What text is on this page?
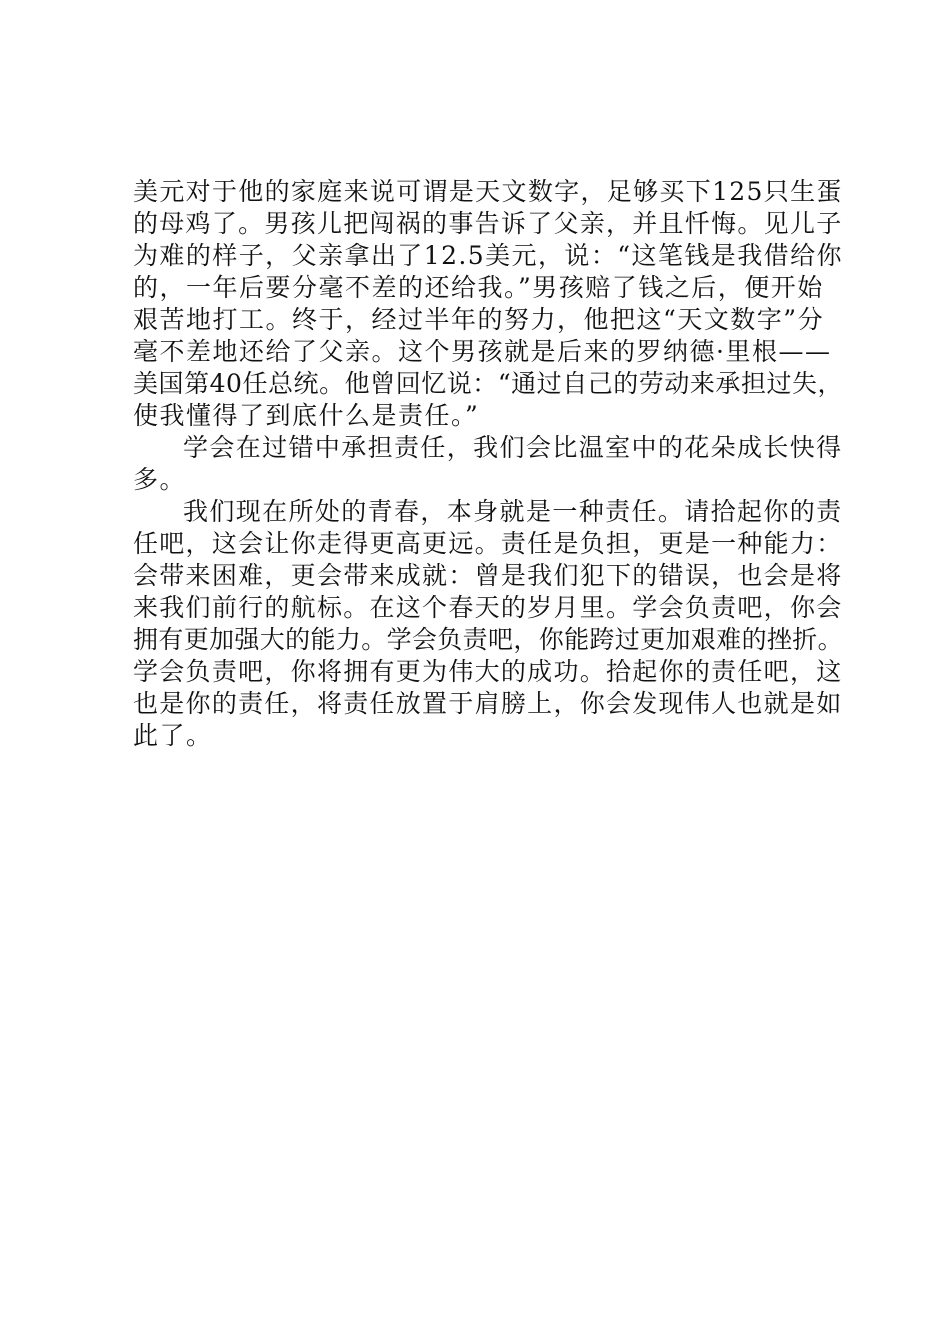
美元对于他的家庭来说可谓是天文数字，足够买下125只生蛋
的母鸡了。男孩儿把闯祸的事告诉了父亲，并且忏悔。见儿子
为难的样子，父亲拿出了12.5美元，说：“这笔钱是我借给你
的，一年后要分毫不差的还给我。”男孩赔了钱之后，便开始
艰苦地打工。终于，经过半年的努力，他把这“天文数字”分
毫不差地还给了父亲。这个男孩就是后来的罗纳德·里根——
美国第40任总统。他曾回忆说：“通过自己的劳动来承担过失，
使我懂得了到底什么是责任。”
学会在过错中承担责任，我们会比温室中的花朵成长快得
多。
我们现在所处的青春，本身就是一种责任。请拾起你的责
任吧，这会让你走得更高更远。责任是负担，更是一种能力：
会带来困难，更会带来成就：曾是我们犯下的错误，也会是将
来我们前行的航标。在这个春天的岁月里。学会负责吧，你会
拥有更加强大的能力。学会负责吧，你能跨过更加艰难的挫折。
学会负责吧，你将拥有更为伟大的成功。拾起你的责任吧，这
也是你的责任，将责任放置于肩膀上，你会发现伟人也就是如
此了。
